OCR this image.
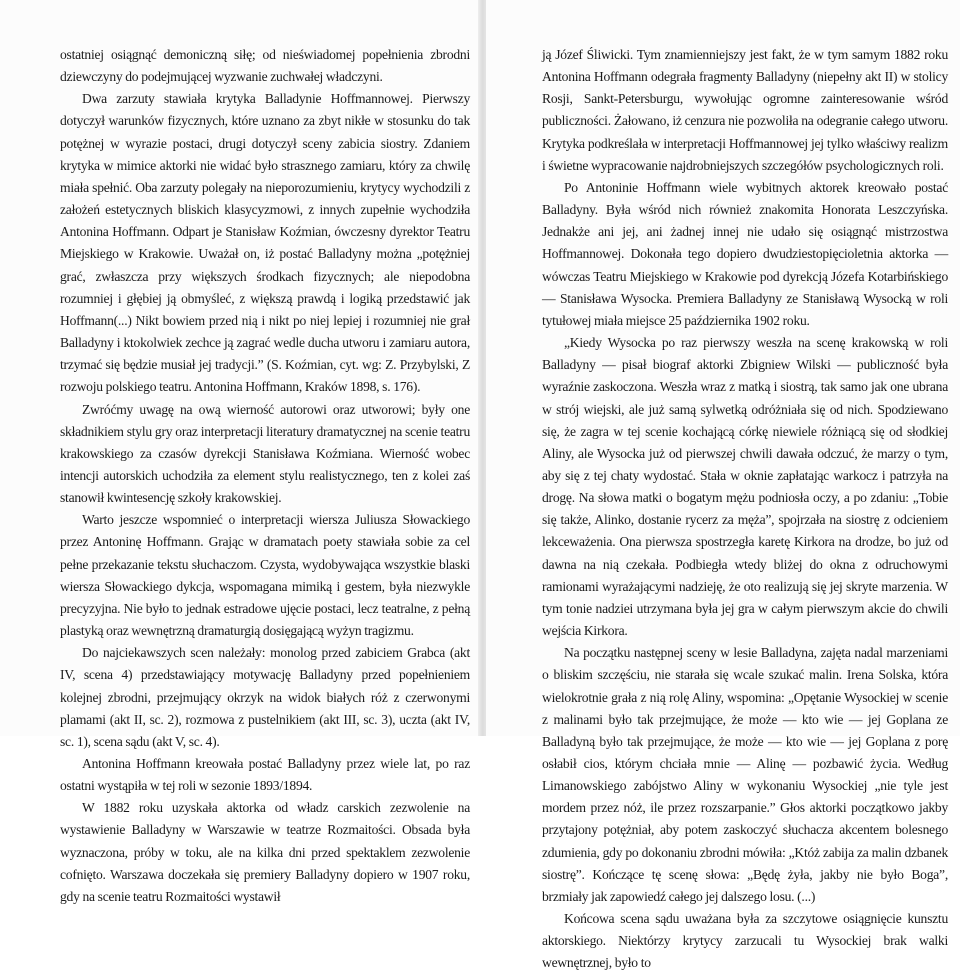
ostatniej osiągnąć demoniczną siłę; od nieświadomej popełnienia zbrodni dziewczyny do podejmującej wyzwanie zuchwałej władczyni.

Dwa zarzuty stawiała krytyka Balladynie Hoffmannowej. Pierwszy dotyczył warunków fizycznych, które uznano za zbyt nikłe w stosunku do tak potężnej w wyrazie postaci, drugi dotyczył sceny zabicia siostry. Zdaniem krytyka w mimice aktorki nie widać było strasznego zamiaru, który za chwilę miała spełnić. Oba zarzuty polegały na nieporozumieniu, krytycy wychodzili z założeń estetycznych bliskich klasycyzmowi, z innych zupełnie wychodziła Antonina Hoffmann. Odpart je Stanisław Koźmian, ówczesny dyrektor Teatru Miejskiego w Krakowie. Uważał on, iż postać Balladyny można „potężniej grać, zwłaszcza przy większych środkach fizycznych; ale niepodobna rozumniej i głębiej ją obmyśleć, z większą prawdą i logiką przedstawić jak Hoffmann(...) Nikt bowiem przed nią i nikt po niej lepiej i rozumniej nie grał Balladyny i ktokolwiek zechce ją zagrać wedle ducha utworu i zamiaru autora, trzymać się będzie musiał jej tradycji.” (S. Koźmian, cyt. wg: Z. Przybylski, Z rozwoju polskiego teatru. Antonina Hoffmann, Kraków 1898, s. 176).

Zwróćmy uwagę na ową wierność autorowi oraz utworowi; były one składnikiem stylu gry oraz interpretacji literatury dramatycznej na scenie teatru krakowskiego za czasów dyrekcji Stanisława Koźmiana. Wierność wobec intencji autorskich uchodziła za element stylu realistycznego, ten z kolei zaś stanowił kwintesencję szkoły krakowskiej.

Warto jeszcze wspomnieć o interpretacji wiersza Juliusza Słowackiego przez Antoninę Hoffmann. Grając w dramatach poety stawiała sobie za cel pełne przekazanie tekstu słuchaczom. Czysta, wydobywająca wszystkie blaski wiersza Słowackiego dykcja, wspomagana mimiką i gestem, była niezwykle precyzyjna. Nie było to jednak estradowe ujęcie postaci, lecz teatralne, z pełną plastyką oraz wewnętrzną dramaturgią dosięgającą wyżyn tragizmu.

Do najciekawszych scen należały: monolog przed zabiciem Grabca (akt IV, scena 4) przedstawiający motywację Balladyny przed popełnieniem kolejnej zbrodni, przejmujący okrzyk na widok białych róż z czerwonymi plamami (akt II, sc. 2), rozmowa z pustelnikiem (akt III, sc. 3), uczta (akt IV, sc. 1), scena sądu (akt V, sc. 4).

Antonina Hoffmann kreowała postać Balladyny przez wiele lat, po raz ostatni wystąpiła w tej roli w sezonie 1893/1894.

W 1882 roku uzyskała aktorka od władz carskich zezwolenie na wystawienie Balladyny w Warszawie w teatrze Rozmaitości. Obsada była wyznaczona, próby w toku, ale na kilka dni przed spektaklem zezwolenie cofnięto. Warszawa doczekała się premiery Balladyny dopiero w 1907 roku, gdy na scenie teatru Rozmaitości wystawił

ją Józef Śliwicki. Tym znamienniejszy jest fakt, że w tym samym 1882 roku Antonina Hoffmann odegrała fragmenty Balladyny (niepełny akt II) w stolicy Rosji, Sankt-Petersburgu, wywołując ogromne zainteresowanie wśród publiczności. Żałowano, iż cenzura nie pozwoliła na odegranie całego utworu. Krytyka podkreślała w interpretacji Hoffmannowej jej tylko właściwy realizm i świetne wypracowanie najdrobniejszych szczegółów psychologicznych roli.

Po Antoninie Hoffmann wiele wybitnych aktorek kreowało postać Balladyny. Była wśród nich również znakomita Honorata Leszczyńska. Jednakże ani jej, ani żadnej innej nie udało się osiągnąć mistrzostwa Hoffmannowej. Dokonała tego dopiero dwudziestopięcioletnia aktorka — wówczas Teatru Miejskiego w Krakowie pod dyrekcją Józefa Kotarbińskiego — Stanisława Wysocka. Premiera Balladyny ze Stanisławą Wysocką w roli tytułowej miała miejsce 25 października 1902 roku.

„Kiedy Wysocka po raz pierwszy weszła na scenę krakowską w roli Balladyny — pisał biograf aktorki Zbigniew Wilski — publiczność była wyraźnie zaskoczona. Weszła wraz z matką i siostrą, tak samo jak one ubrana w strój wiejski, ale już samą sylwetką odróżniała się od nich. Spodziewano się, że zagra w tej scenie kochającą córkę niewiele różniącą się od słodkiej Aliny, ale Wysocka już od pierwszej chwili dawała odczuć, że marzy o tym, aby się z tej chaty wydostać. Stała w oknie zapłatając warkocz i patrzyła na drogę. Na słowa matki o bogatym mężu podniosła oczy, a po zdaniu: „Tobie się także, Alinko, dostanie rycerz za męża”, spojrzała na siostrę z odcieniem lekceważenia. Ona pierwsza spostrzegła karetę Kirkora na drodze, bo już od dawna na nią czekała. Podbiegła wtedy bliżej do okna z odruchowymi ramionami wyrażającymi nadzieję, że oto realizują się jej skryte marzenia. W tym tonie nadziei utrzymana była jej gra w całym pierwszym akcie do chwili wejścia Kirkora.

Na początku następnej sceny w lesie Balladyna, zajęta nadal marzeniami o bliskim szczęściu, nie starała się wcale szukać malin. Irena Solska, która wielokrotnie grała z nią rolę Aliny, wspomina: „Opętanie Wysockiej w scenie z malinami było tak przejmujące, że może — kto wie — jej Goplana ze Balladyną było tak przejmujące, że może — kto wie — jej Goplana z porę osłabił cios, którym chciała mnie — Alinę — pozbawić życia. Według Limanowskiego zabójstwo Aliny w wykonaniu Wysockiej „nie tyle jest mordem przez nóż, ile przez rozszarpanie.” Głos aktorki początkowo jakby przytajony potężniał, aby potem zaskoczyć słuchacza akcentem bolesnego zdumienia, gdy po dokonaniu zbrodni mówiła: „Któż zabija za malin dzbanek siostrę”. Kończące tę scenę słowa: „Będę żyła, jakby nie było Boga”, brzmiały jak zapowiedź całego jej dalszego losu. (...)

Końcowa scena sądu uważana była za szczytowe osiągnięcie kunsztu aktorskiego. Niektórzy krytycy zarzucali tu Wysockiej brak walki wewnętrznej, było to
